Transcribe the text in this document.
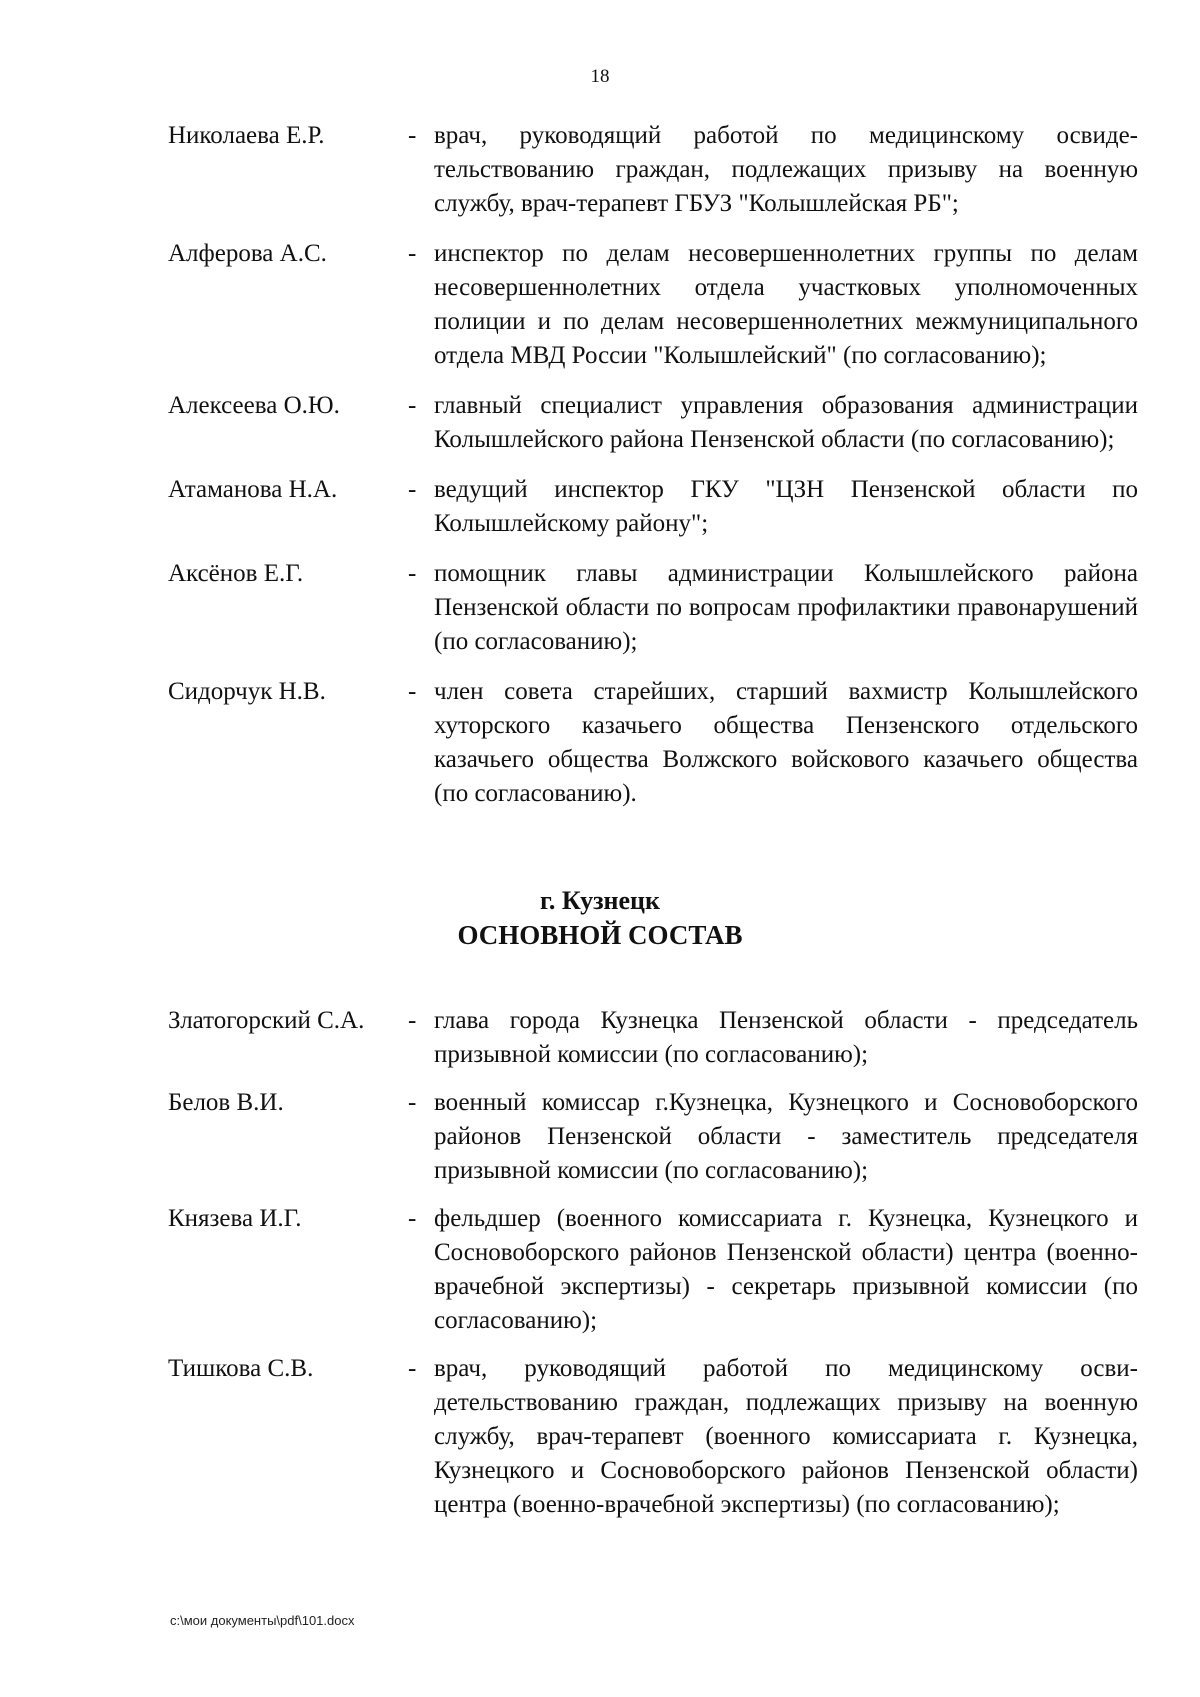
18
Николаева Е.Р.	- врач, руководящий работой по медицинскому освидетельствованию граждан, подлежащих призыву на военную службу, врач-терапевт ГБУЗ "Колышлейская РБ";
Алферова А.С.	- инспектор по делам несовершеннолетних группы по делам несовершеннолетних отдела участковых уполномоченных полиции и по делам несовершеннолетних межмуниципального отдела МВД России "Колышлейский" (по согласованию);
Алексеева О.Ю.	- главный специалист управления образования администрации Колышлейского района Пензенской области (по согласованию);
Атаманова Н.А.	- ведущий инспектор ГКУ "ЦЗН Пензенской области по Колышлейскому району";
Аксёнов Е.Г.	- помощник главы администрации Колышлейского района Пензенской области по вопросам профилактики правонарушений (по согласованию);
Сидорчук Н.В.	- член совета старейших, старший вахмистр Колышлейского хуторского казачьего общества Пензенского отдельского казачьего общества Волжского войскового казачьего общества (по согласованию).
г. Кузнецк
ОСНОВНОЙ СОСТАВ
Златогорский С.А.	- глава города Кузнецка Пензенской области - председатель призывной комиссии (по согласованию);
Белов В.И.	- военный комиссар г.Кузнецка, Кузнецкого и Сосновоборского районов Пензенской области - заместитель председателя призывной комиссии (по согласованию);
Князева И.Г.	- фельдшер (военного комиссариата г. Кузнецка, Кузнецкого и Сосновоборского районов Пензенской области) центра (военно-врачебной экспертизы) - секретарь призывной комиссии (по согласованию);
Тишкова С.В.	- врач, руководящий работой по медицинскому освидетельствованию граждан, подлежащих призыву на военную службу, врач-терапевт (военного комиссариата г. Кузнецка, Кузнецкого и Сосновоборского районов Пензенской области) центра (военно-врачебной экспертизы) (по согласованию);
c:\мои документы\pdf\101.docx
